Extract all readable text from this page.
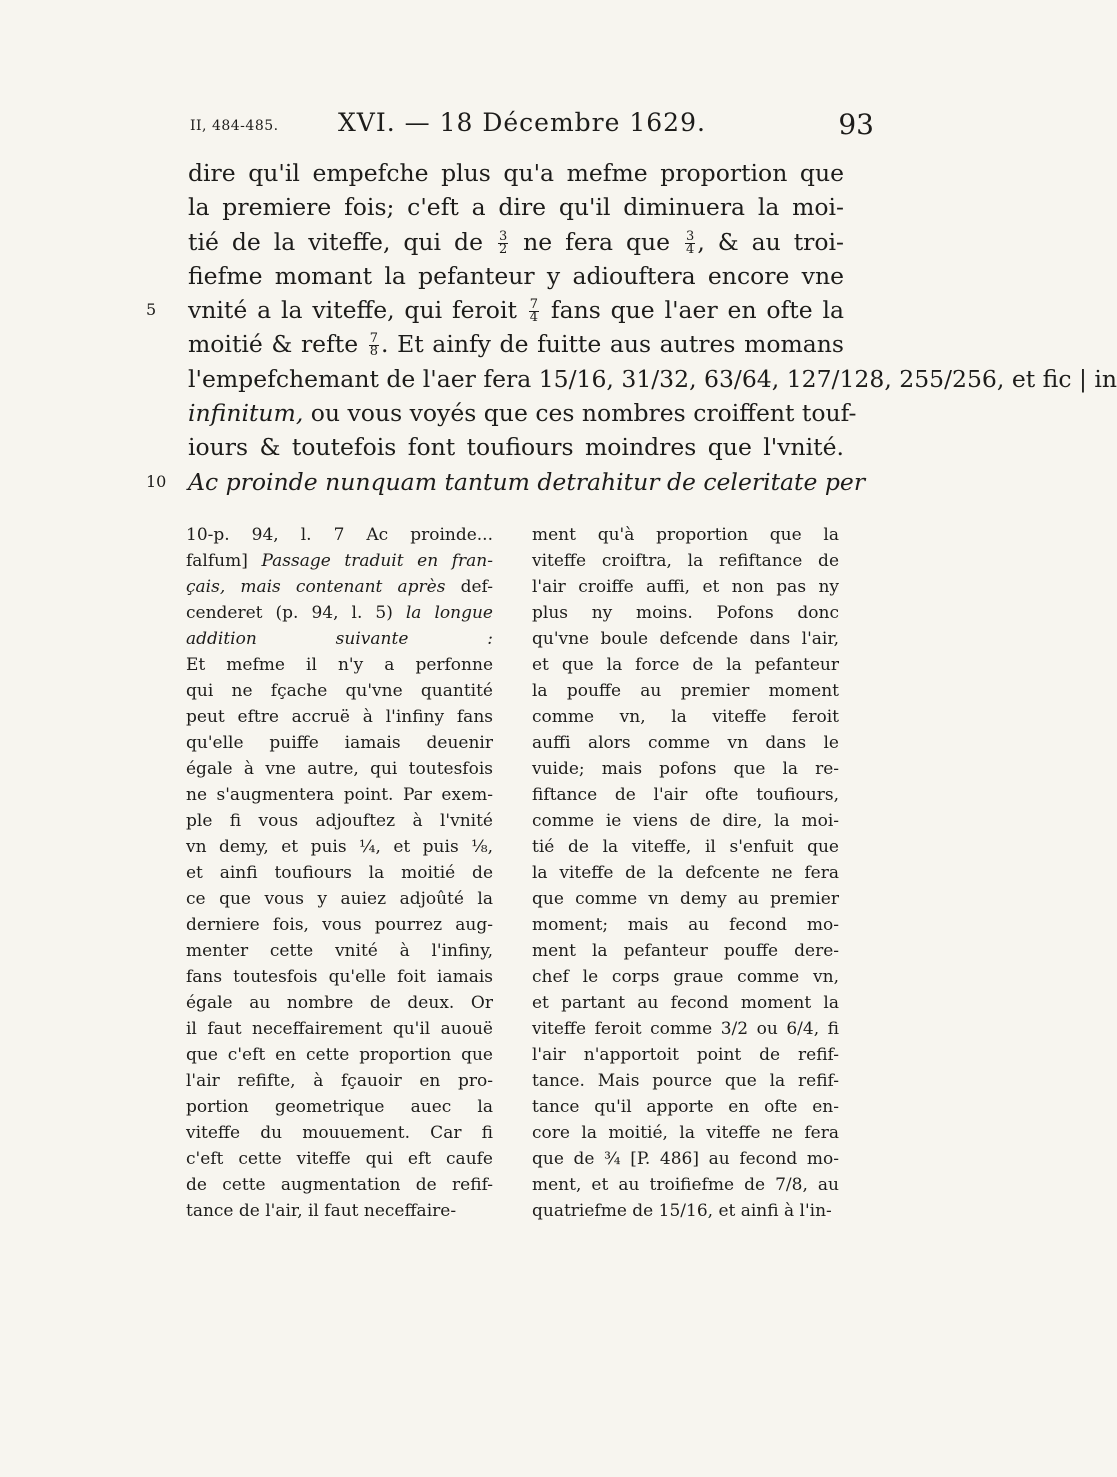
II, 484-485. XVI. — 18 Décembre 1629.	93
dire qu'il empefche plus qu'a mefme proportion que
la premiere fois; c'eft a dire qu'il diminuera la moi-
tié de la viteffe, qui de $\frac{3}{2}$ ne fera que $\frac{3}{4}$ , & au troi-
fiefme momant la pefanteur y adiouftera encore vne
5 vnité a la viteffe, qui feroit $\frac{7}{4}$ fans que l'aer en ofte la
moitié & refte $\frac{7}{8}$ . Et ainfy de fuitte aus autres momans
l'empefchemant de l'aer fera 15/16, 31/32, 63/64, 127/128, 255/256, et fic | in
infinitum, ou vous voyés que ces nombres croiffent touf-
iours & toutefois font toufiours moindres que l'vnité.
10 Ac proinde nunquam tantum detrahitur de celeritate per
10-p. 94, l. 7 Ac proinde...
falfum] Passage traduit en fran-
çais, mais contenant après def-
cenderet (p. 94, l. 5) la longue
addition suivante :
Et mefme il n'y a perfonne
qui ne fçache qu'vne quantité
peut eftre accruë à l'infiny fans
qu'elle puiffe iamais deuenir
égale à vne autre, qui toutesfois
ne s'augmentera point. Par exem-
ple fi vous adjouftez à l'vnité
vn demy, et puis ¼, et puis ⅛,
et ainfi toufiours la moitié de
ce que vous y auiez adjoûté la
derniere fois, vous pourrez aug-
menter cette vnité à l'infiny,
fans toutesfois qu'elle foit iamais
égale au nombre de deux. Or
il faut neceffairement qu'il auouë
que c'eft en cette proportion que
l'air refifte, à fçauoir en pro-
portion geometrique auec la
viteffe du mouuement. Car fi
c'eft cette viteffe qui eft caufe
de cette augmentation de refif-
tance de l'air, il faut neceffaire-
ment qu'à proportion que la
viteffe croiftra, la refiftance de
l'air croiffe auffi, et non pas ny
plus ny moins. Pofons donc
qu'vne boule defcende dans l'air,
et que la force de la pefanteur
la pouffe au premier moment
comme vn, la viteffe feroit
auffi alors comme vn dans le
vuide; mais pofons que la re-
fiftance de l'air ofte toufiours,
comme ie viens de dire, la moi-
tié de la viteffe, il s'enfuit que
la viteffe de la defcente ne fera
que comme vn demy au premier
moment; mais au fecond mo-
ment la pefanteur pouffe dere-
chef le corps graue comme vn,
et partant au fecond moment la
viteffe feroit comme 3/2 ou 6/4, fi
l'air n'apportoit point de refif-
tance. Mais pource que la refif-
tance qu'il apporte en ofte en-
core la moitié, la viteffe ne fera
que de ¾ [P. 486] au fecond mo-
ment, et au troifiefme de 7/8, au
quatriefme de 15/16, et ainfi à l'in-
